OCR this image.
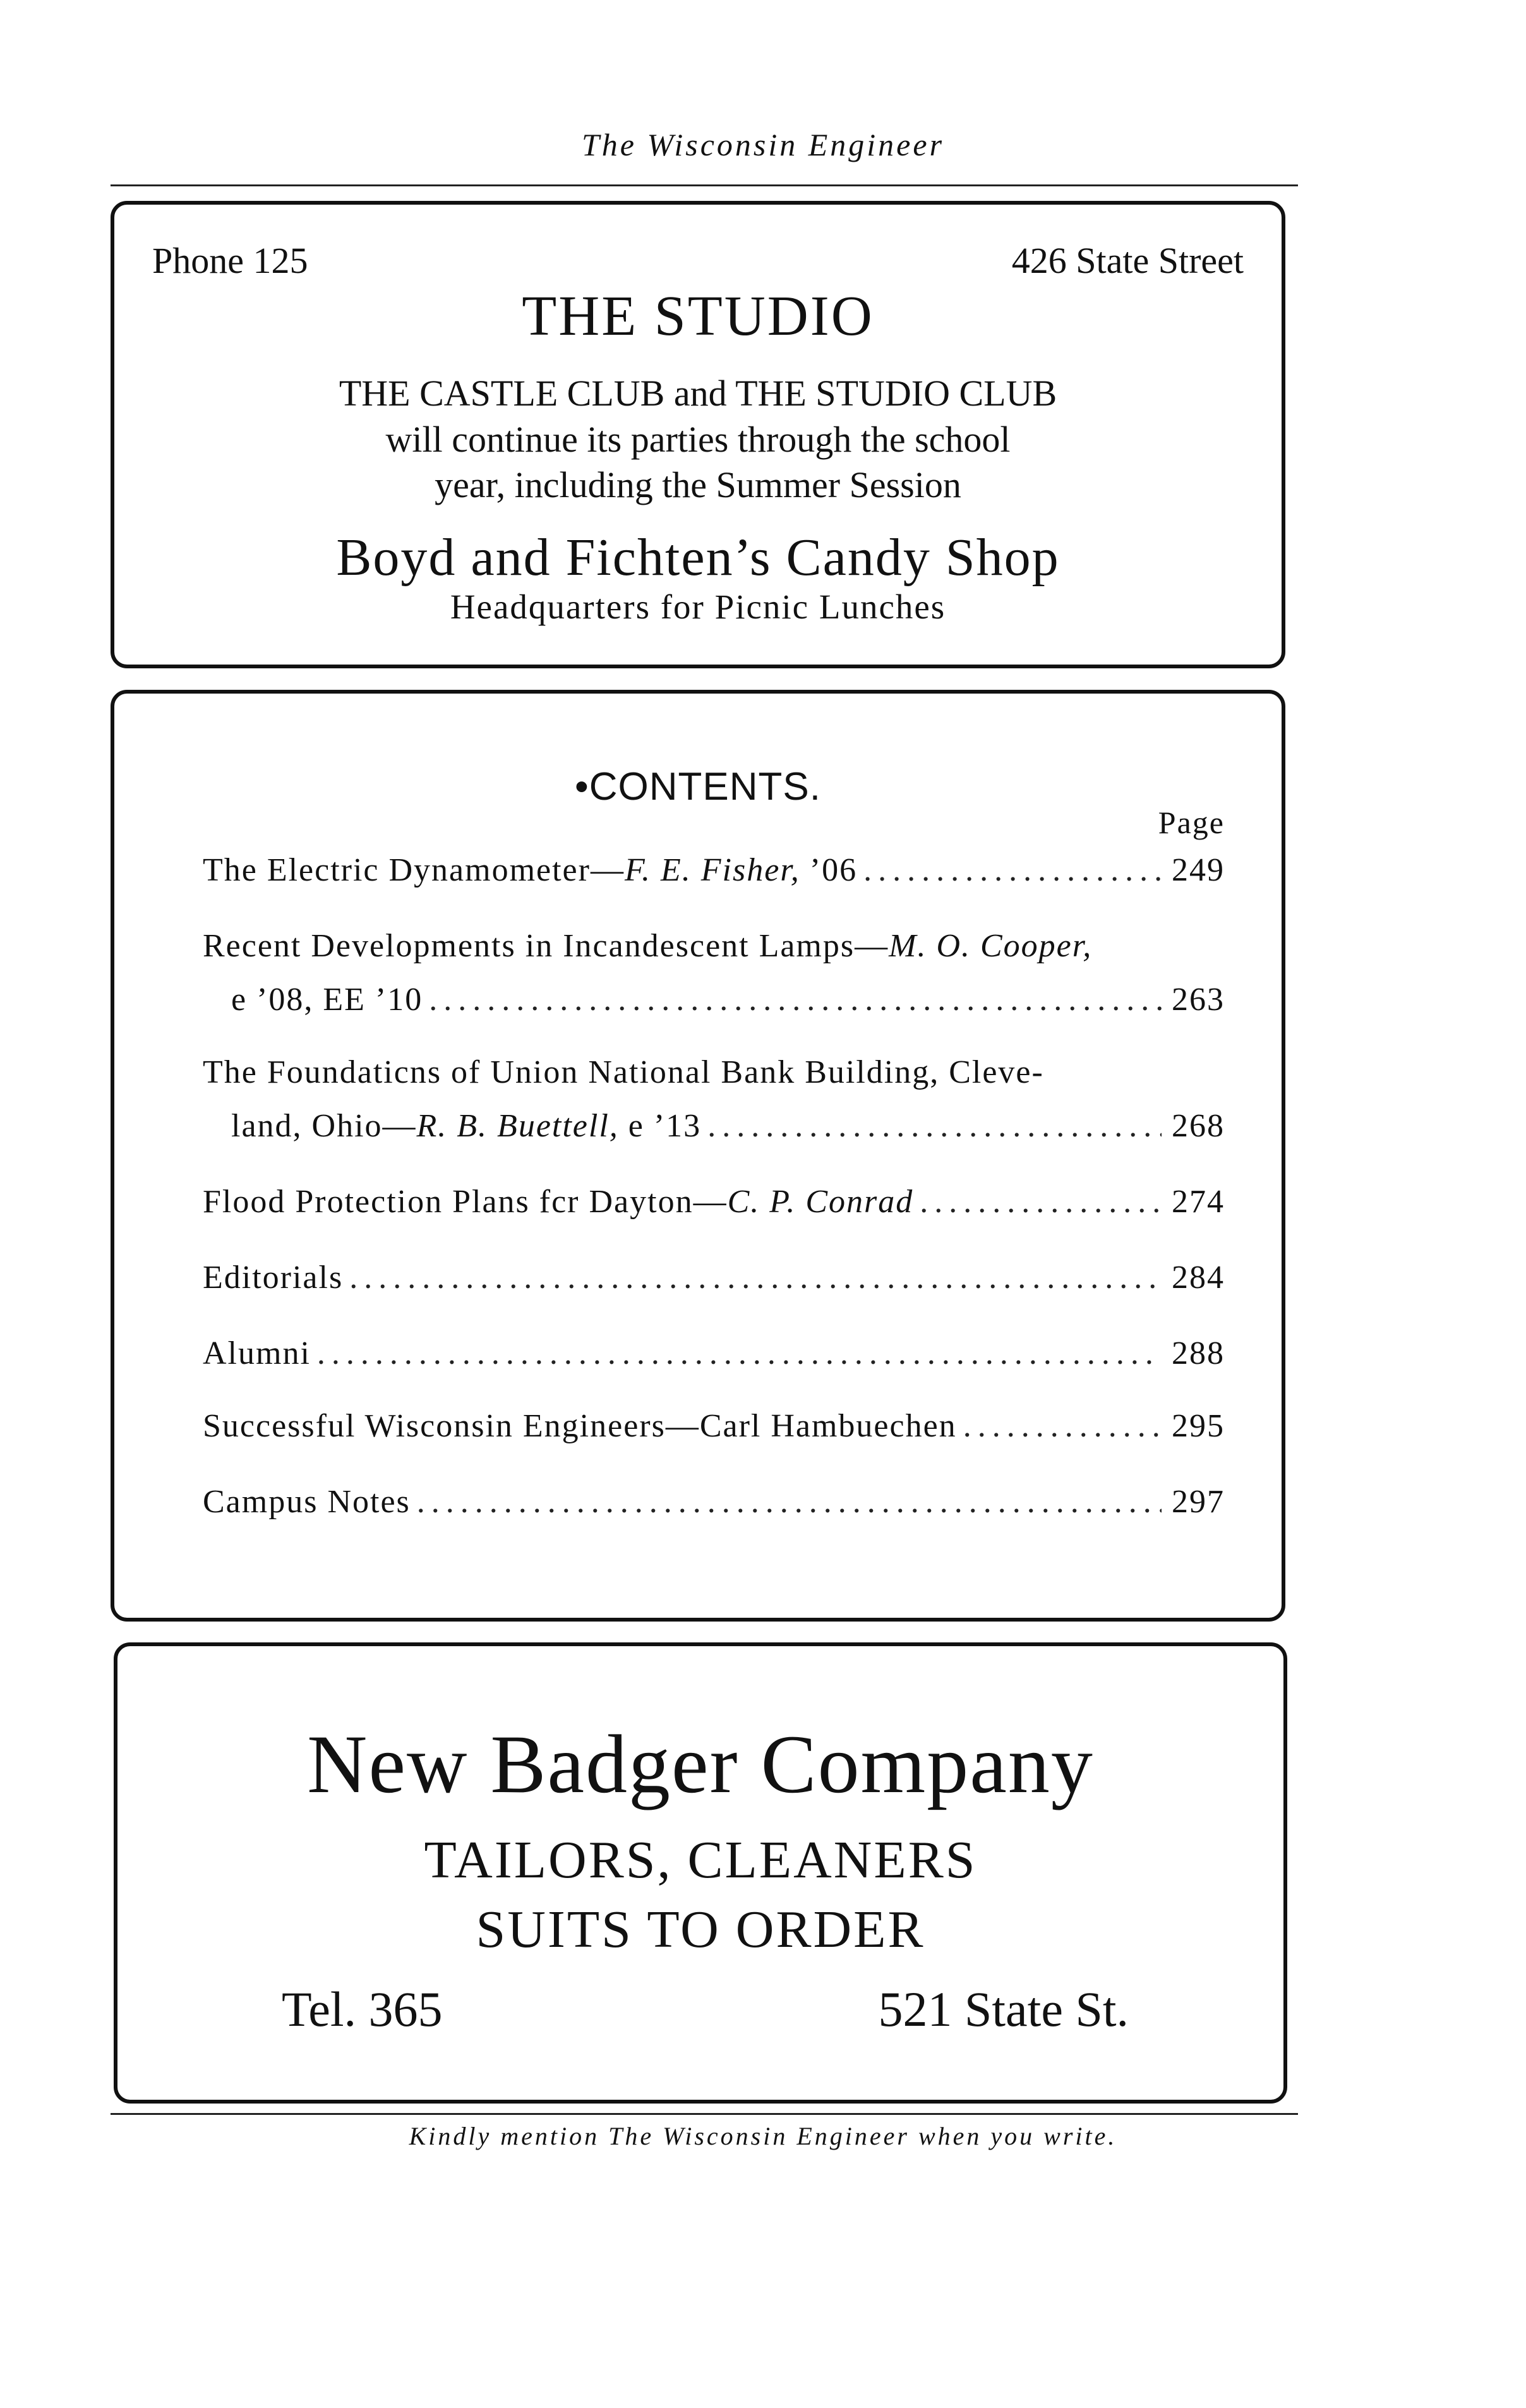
The Wisconsin Engineer
Phone 125	426 State Street
THE STUDIO
THE CASTLE CLUB and THE STUDIO CLUB
will continue its parties through the school
year, including the Summer Session
Boyd and Fichten’s Candy Shop
Headquarters for Picnic Lunches
•CONTENTS.
Page
The Electric Dynamometer—F. E. Fisher, ’06 .....	249
Recent Developments in Incandescent Lamps—M. O. Cooper,
e ’08, EE ’10 .....	263
The Foundaticns of Union National Bank Building, Cleve-
land, Ohio—R. B. Buettell, e ’13 .....	268
Flood Protection Plans fcr Dayton—C. P. Conrad .....	274
Editorials .....	284
Alumni .....	288
Successful Wisconsin Engineers—Carl Hambuechen .....	295
Campus Notes .....	297
New Badger Company
TAILORS, CLEANERS
SUITS TO ORDER
Tel. 365	521 State St.
Kindly mention The Wisconsin Engineer when you write.
